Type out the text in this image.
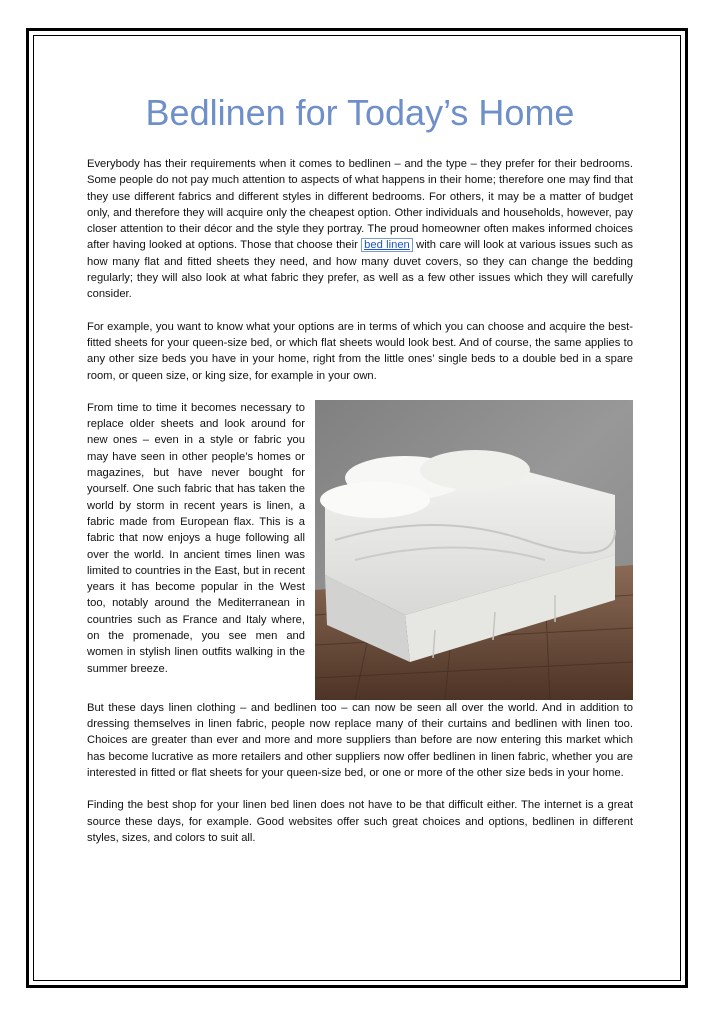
Bedlinen for Today’s Home

Everybody has their requirements when it comes to bedlinen – and the type – they prefer for their bedrooms. Some people do not pay much attention to aspects of what happens in their home; therefore one may find that they use different fabrics and different styles in different bedrooms. For others, it may be a matter of budget only, and therefore they will acquire only the cheapest option. Other individuals and households, however, pay closer attention to their décor and the style they portray. The proud homeowner often makes informed choices after having looked at options. Those that choose their bed linen with care will look at various issues such as how many flat and fitted sheets they need, and how many duvet covers, so they can change the bedding regularly; they will also look at what fabric they prefer, as well as a few other issues which they will carefully consider.

For example, you want to know what your options are in terms of which you can choose and acquire the best-fitted sheets for your queen-size bed, or which flat sheets would look best. And of course, the same applies to any other size beds you have in your home, right from the little ones’ single beds to a double bed in a spare room, or queen size, or king size, for example in your own.

From time to time it becomes necessary to replace older sheets and look around for new ones – even in a style or fabric you may have seen in other people’s homes or magazines, but have never bought for yourself. One such fabric that has taken the world by storm in recent years is linen, a fabric made from European flax. This is a fabric that now enjoys a huge following all over the world. In ancient times linen was limited to countries in the East, but in recent years it has become popular in the West too, notably around the Mediterranean in countries such as France and Italy where, on the promenade, you see men and women in stylish linen outfits walking in the summer breeze.

But these days linen clothing – and bedlinen too – can now be seen all over the world. And in addition to dressing themselves in linen fabric, people now replace many of their curtains and bedlinen with linen too. Choices are greater than ever and more and more suppliers than before are now entering this market which has become lucrative as more retailers and other suppliers now offer bedlinen in linen fabric, whether you are interested in fitted or flat sheets for your queen-size bed, or one or more of the other size beds in your home.

Finding the best shop for your linen bed linen does not have to be that difficult either. The internet is a great source these days, for example. Good websites offer such great choices and options, bedlinen in different styles, sizes, and colors to suit all.
